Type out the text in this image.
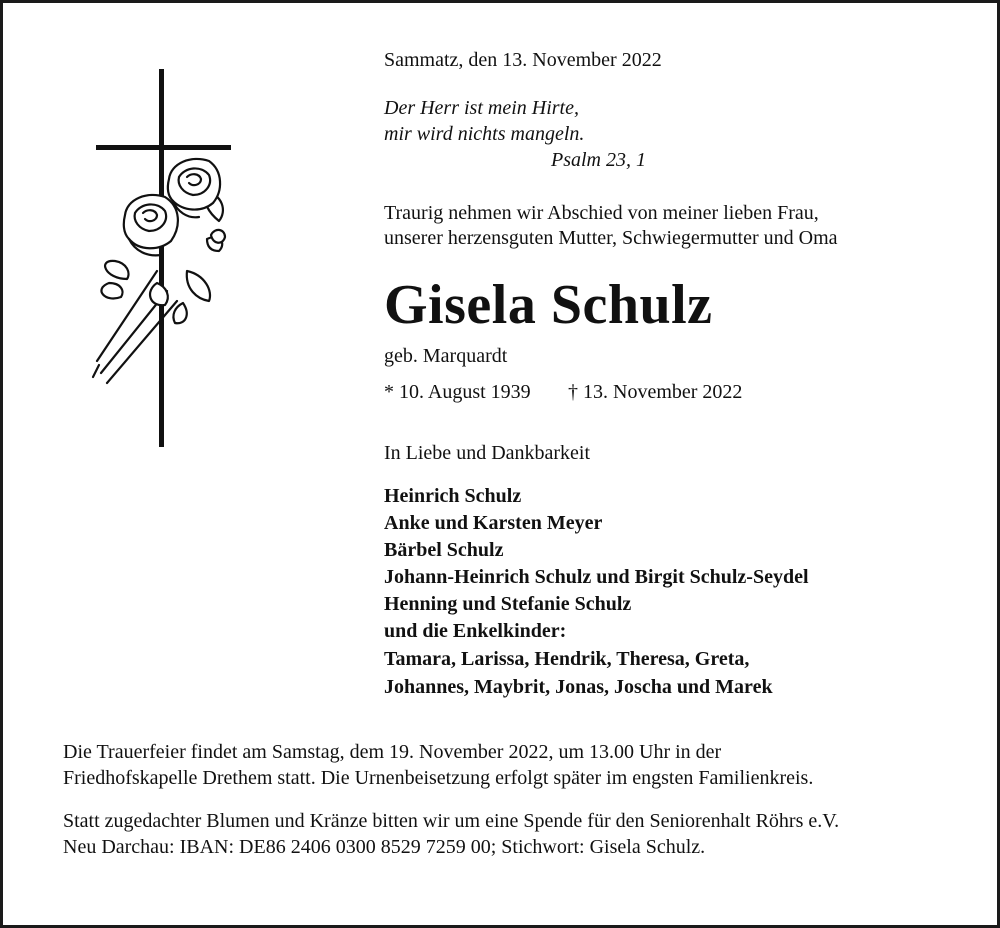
Sammatz, den 13. November 2022
Der Herr ist mein Hirte,
mir wird nichts mangeln.
Psalm 23, 1
Traurig nehmen wir Abschied von meiner lieben Frau,
unserer herzensguten Mutter, Schwiegermutter und Oma
Gisela Schulz
geb. Marquardt
* 10. August 1939 † 13. November 2022
In Liebe und Dankbarkeit
Heinrich Schulz
Anke und Karsten Meyer
Bärbel Schulz
Johann-Heinrich Schulz und Birgit Schulz-Seydel
Henning und Stefanie Schulz
und die Enkelkinder:
Tamara, Larissa, Hendrik, Theresa, Greta,
Johannes, Maybrit, Jonas, Joscha und Marek
Die Trauerfeier findet am Samstag, dem 19. November 2022, um 13.00 Uhr in der
Friedhofskapelle Drethem statt. Die Urnenbeisetzung erfolgt später im engsten Familienkreis.
Statt zugedachter Blumen und Kränze bitten wir um eine Spende für den Seniorenhalt Röhrs e.V.
Neu Darchau: IBAN: DE86 2406 0300 8529 7259 00; Stichwort: Gisela Schulz.
